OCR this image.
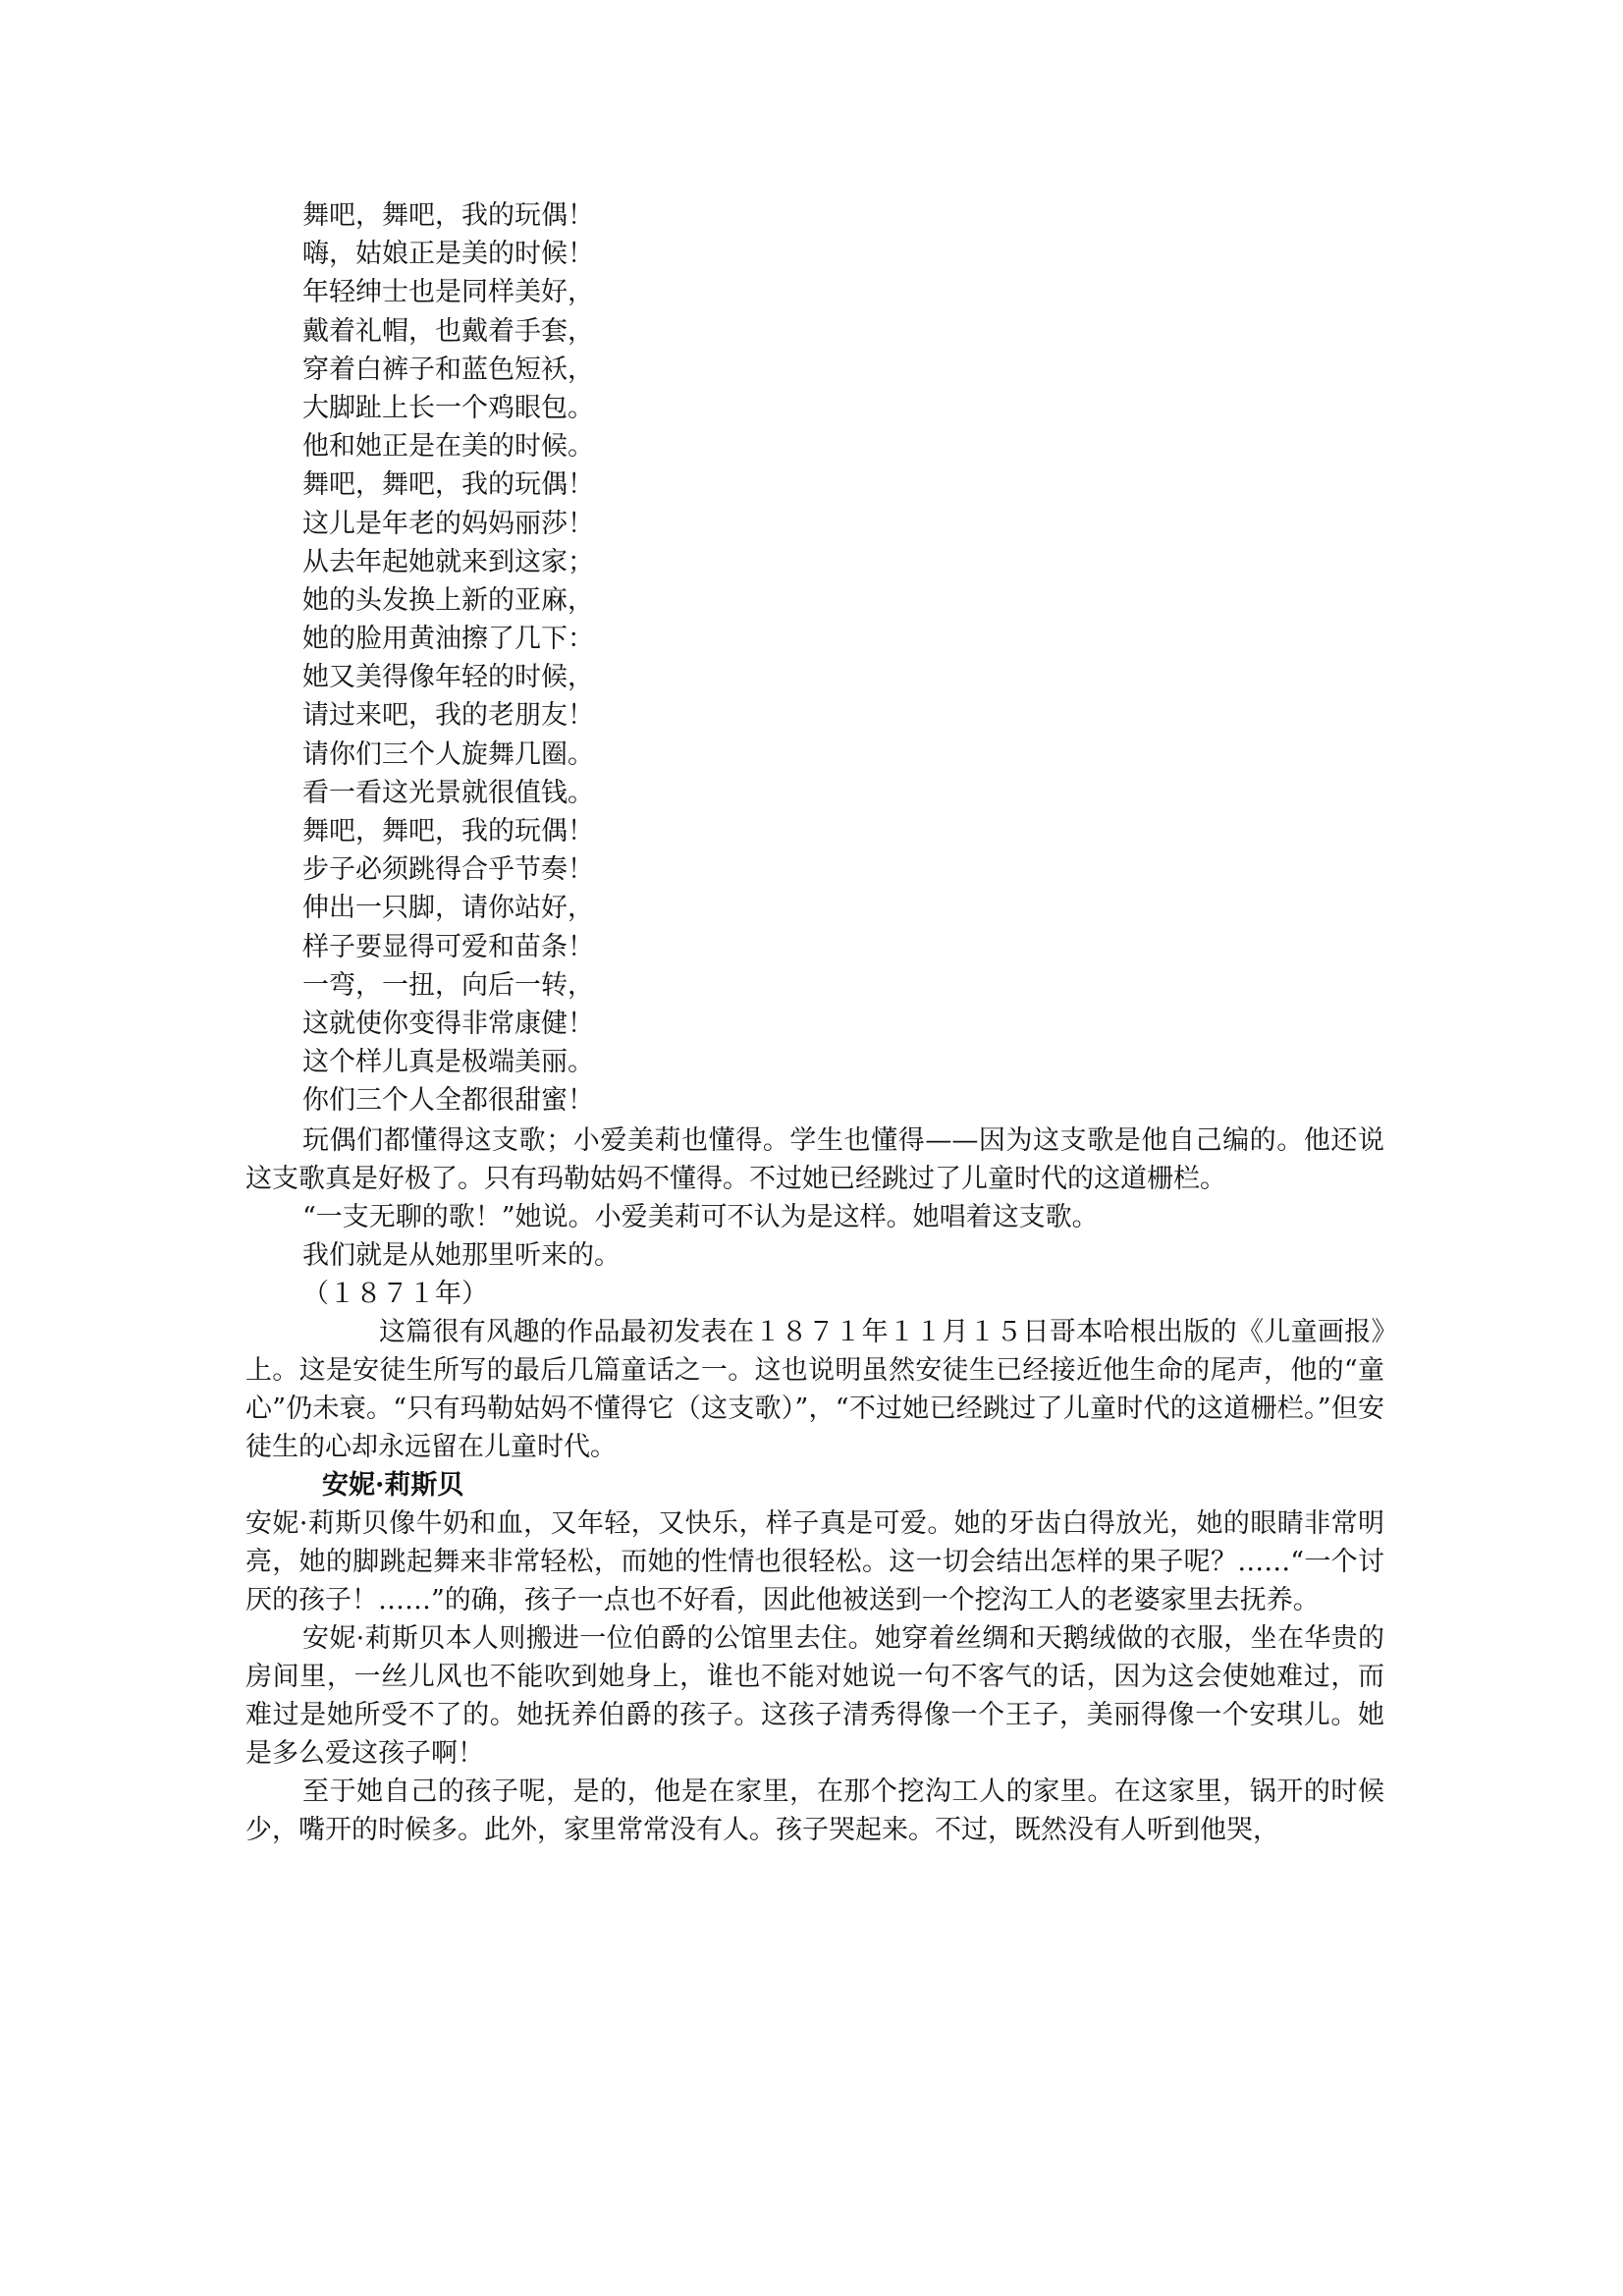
舞吧，舞吧，我的玩偶！
嗨，姑娘正是美的时候！
年轻绅士也是同样美好，
戴着礼帽，也戴着手套，
穿着白裤子和蓝色短袄，
大脚趾上长一个鸡眼包。
他和她正是在美的时候。
舞吧，舞吧，我的玩偶！
这儿是年老的妈妈丽莎！
从去年起她就来到这家；
她的头发换上新的亚麻，
她的脸用黄油擦了几下：
她又美得像年轻的时候，
请过来吧，我的老朋友！
请你们三个人旋舞几圈。
看一看这光景就很值钱。
舞吧，舞吧，我的玩偶！
步子必须跳得合乎节奏！
伸出一只脚，请你站好，
样子要显得可爱和苗条！
一弯，一扭，向后一转，
这就使你变得非常康健！
这个样儿真是极端美丽。
你们三个人全都很甜蜜！

玩偶们都懂得这支歌；小爱美莉也懂得。学生也懂得——因为这支歌是他自己编的。他还说这支歌真是好极了。只有玛勒姑妈不懂得。不过她已经跳过了儿童时代的这道栅栏。

“一支无聊的歌！”她说。小爱美莉可不认为是这样。她唱着这支歌。

我们就是从她那里听来的。

（１８７１年）

这篇很有风趣的作品最初发表在１８７１年１１月１５日哥本哈根出版的《儿童画报》上。这是安徒生所写的最后几篇童话之一。这也说明虽然安徒生已经接近他生命的尾声，他的“童心”仍未衰。“只有玛勒姑妈不懂得它（这支歌）”，“不过她已经跳过了儿童时代的这道栅栏。”但安徒生的心却永远留在儿童时代。

安妮·莉斯贝

安妮·莉斯贝像牛奶和血，又年轻，又快乐，样子真是可爱。她的牙齿白得放光，她的眼睛非常明亮，她的脚跳起舞来非常轻松，而她的性情也很轻松。这一切会结出怎样的果子呢？……“一个讨厌的孩子！……”的确，孩子一点也不好看，因此他被送到一个挖沟工人的老婆家里去抚养。

安妮·莉斯贝本人则搬进一位伯爵的公馆里去住。她穿着丝绸和天鹅绒做的衣服，坐在华贵的房间里，一丝儿风也不能吹到她身上，谁也不能对她说一句不客气的话，因为这会使她难过，而难过是她所受不了的。她抚养伯爵的孩子。这孩子清秀得像一个王子，美丽得像一个安琪儿。她是多么爱这孩子啊！

至于她自己的孩子呢，是的，他是在家里，在那个挖沟工人的家里。在这家里，锅开的时候少，嘴开的时候多。此外，家里常常没有人。孩子哭起来。不过，既然没有人听到他哭，
